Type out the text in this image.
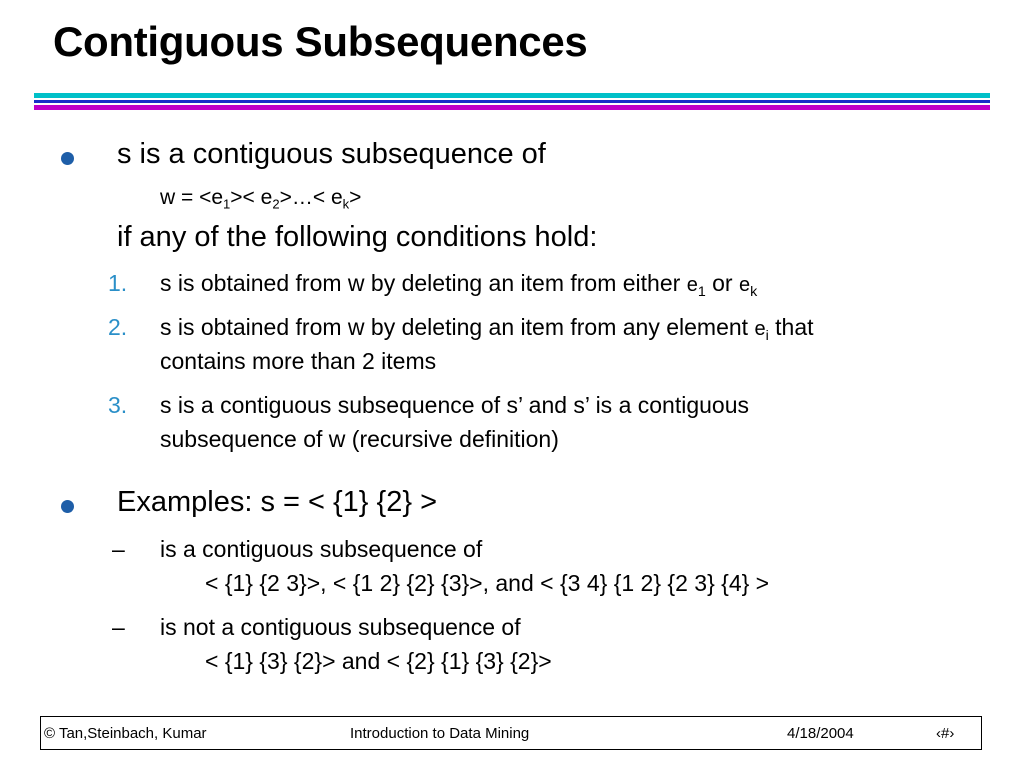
Contiguous Subsequences
s is a contiguous subsequence of
$w = <e_1><$ $e_2>\dots< e_k>$
if any of the following conditions hold:
1. s is obtained from w by deleting an item from either $e_1$ or $e_k$
2. s is obtained from w by deleting an item from any element $e_i$ that
contains more than 2 items
3. s is a contiguous subsequence of s’ and s’ is a contiguous
subsequence of w (recursive definition)
Examples: s = < {1} {2} >
– is a contiguous subsequence of
< {1} {2 3}>, < {1 2} {2} {3}>, and < {3 4} {1 2} {2 3} {4} >
– is not a contiguous subsequence of
< {1} {3} {2}> and < {2} {1} {3} {2}>
© Tan,Steinbach, Kumar	Introduction to Data Mining	4/18/2004	‹#›
